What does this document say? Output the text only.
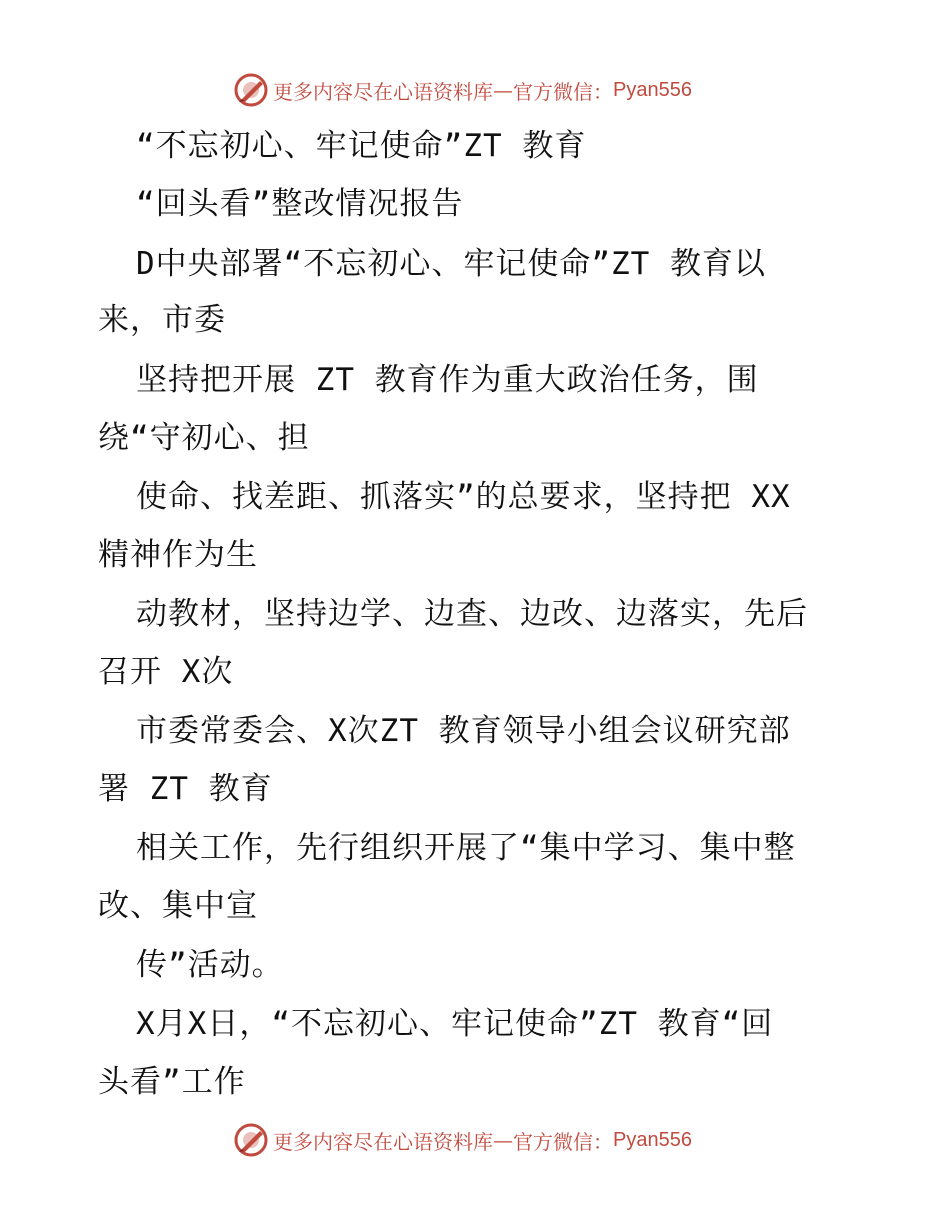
更多内容尽在心语资料库 — 官方微信： Pyan556
“不忘初心、牢记使命”ZT 教育
“回头看”整改情况报告
D中央部署“不忘初心、牢记使命”ZT 教育以
来，市委
坚持把开展 ZT 教育作为重大政治任务，围
绕“守初心、担
使命、找差距、抓落实”的总要求，坚持把 XX
精神作为生
动教材，坚持边学、边查、边改、边落实，先后
召开 X次
市委常委会、X次ZT 教育领导小组会议研究部
署 ZT 教育
相关工作，先行组织开展了“集中学习、集中整
改、集中宣
传”活动。
X月X日，“不忘初心、牢记使命”ZT 教育“回
头看”工作
更多内容尽在心语资料库 — 官方微信： Pyan556
